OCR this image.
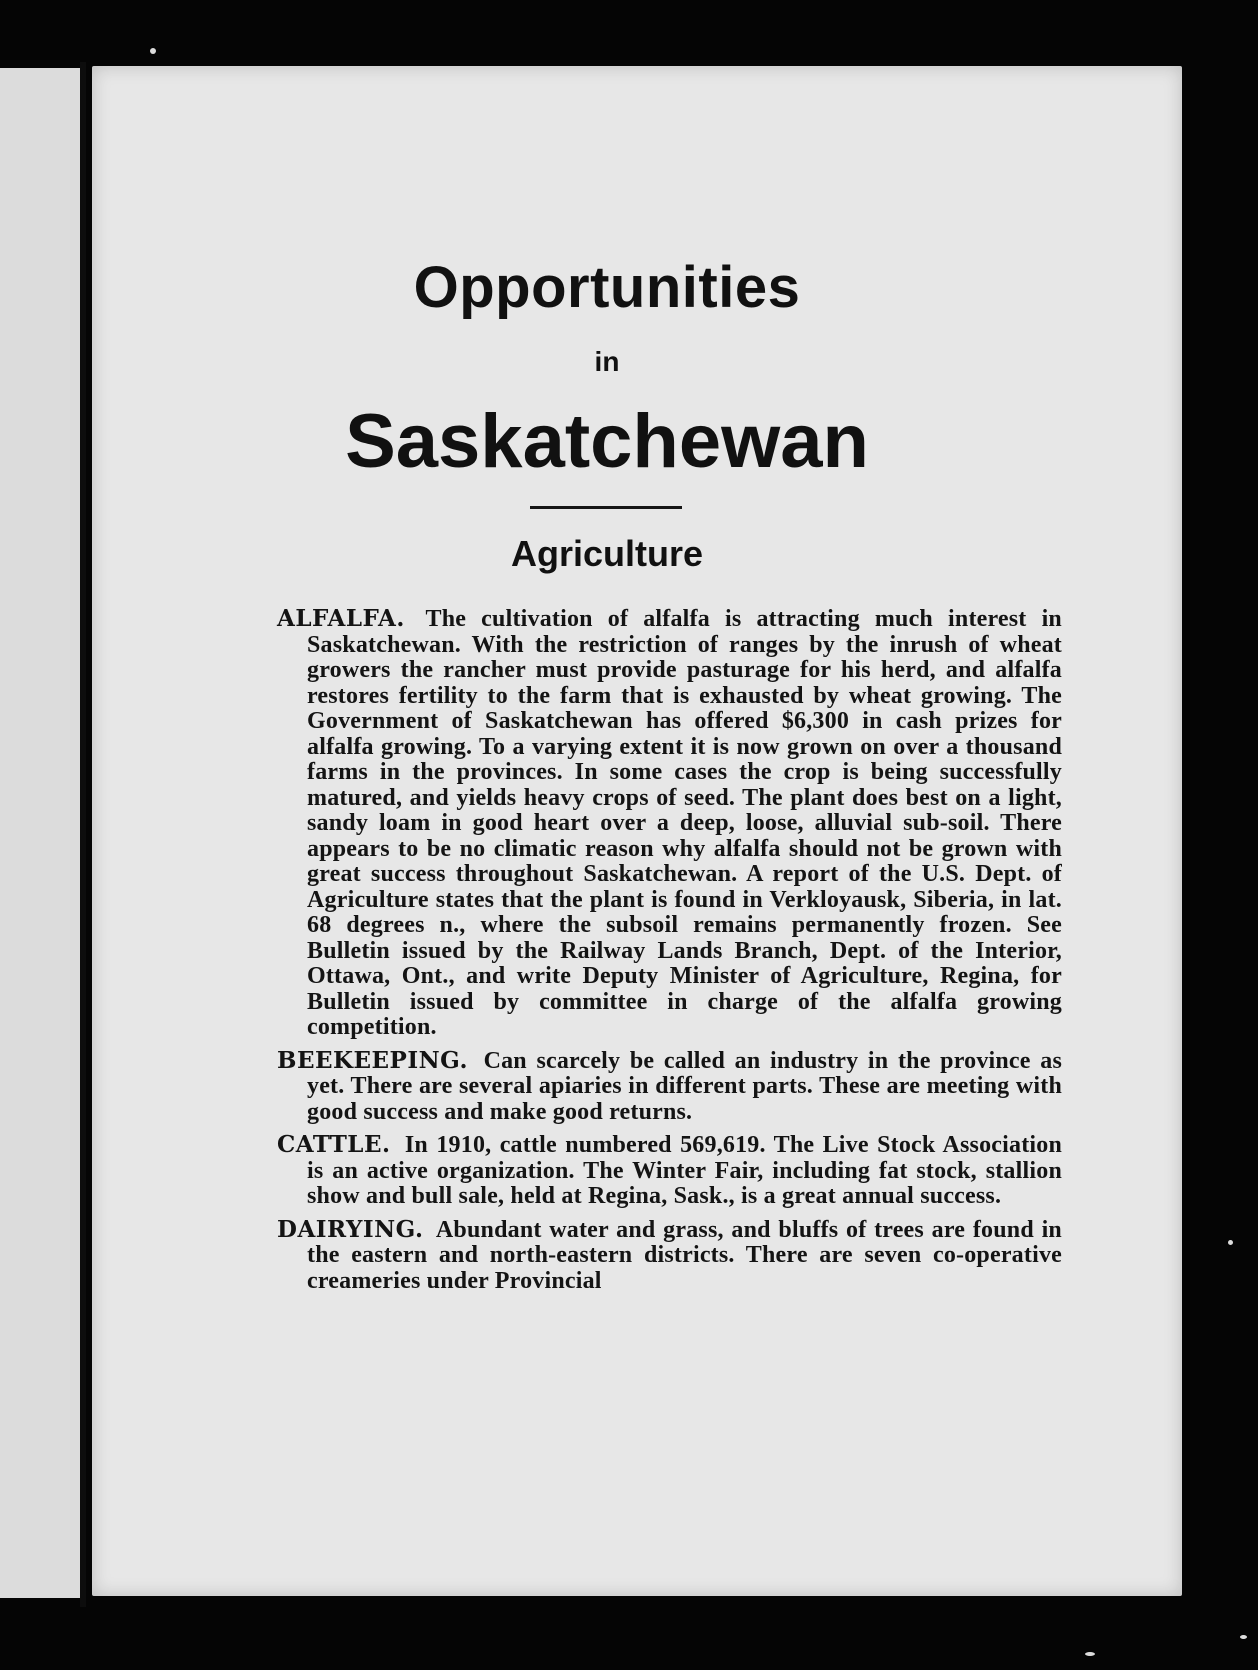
Opportunities
in
Saskatchewan
Agriculture

ALFALFA. The cultivation of alfalfa is attracting much interest in Saskatchewan. With the restriction of ranges by the inrush of wheat growers the rancher must provide pasturage for his herd, and alfalfa restores fertility to the farm that is exhausted by wheat growing. The Government of Saskatchewan has offered $6,300 in cash prizes for alfalfa growing. To a varying extent it is now grown on over a thousand farms in the provinces. In some cases the crop is being successfully matured, and yields heavy crops of seed. The plant does best on a light, sandy loam in good heart over a deep, loose, alluvial sub-soil. There appears to be no climatic reason why alfalfa should not be grown with great success throughout Saskatchewan. A report of the U.S. Dept. of Agriculture states that the plant is found in Verkloyausk, Siberia, in lat. 68 degrees n., where the subsoil remains permanently frozen. See Bulletin issued by the Railway Lands Branch, Dept. of the Interior, Ottawa, Ont., and write Deputy Minister of Agriculture, Regina, for Bulletin issued by committee in charge of the alfalfa growing competition.

BEEKEEPING. Can scarcely be called an industry in the province as yet. There are several apiaries in different parts. These are meeting with good success and make good returns.

CATTLE. In 1910, cattle numbered 569,619. The Live Stock Association is an active organization. The Winter Fair, including fat stock, stallion show and bull sale, held at Regina, Sask., is a great annual success.

DAIRYING. Abundant water and grass, and bluffs of trees are found in the eastern and north-eastern districts. There are seven co-operative creameries under Provincial
